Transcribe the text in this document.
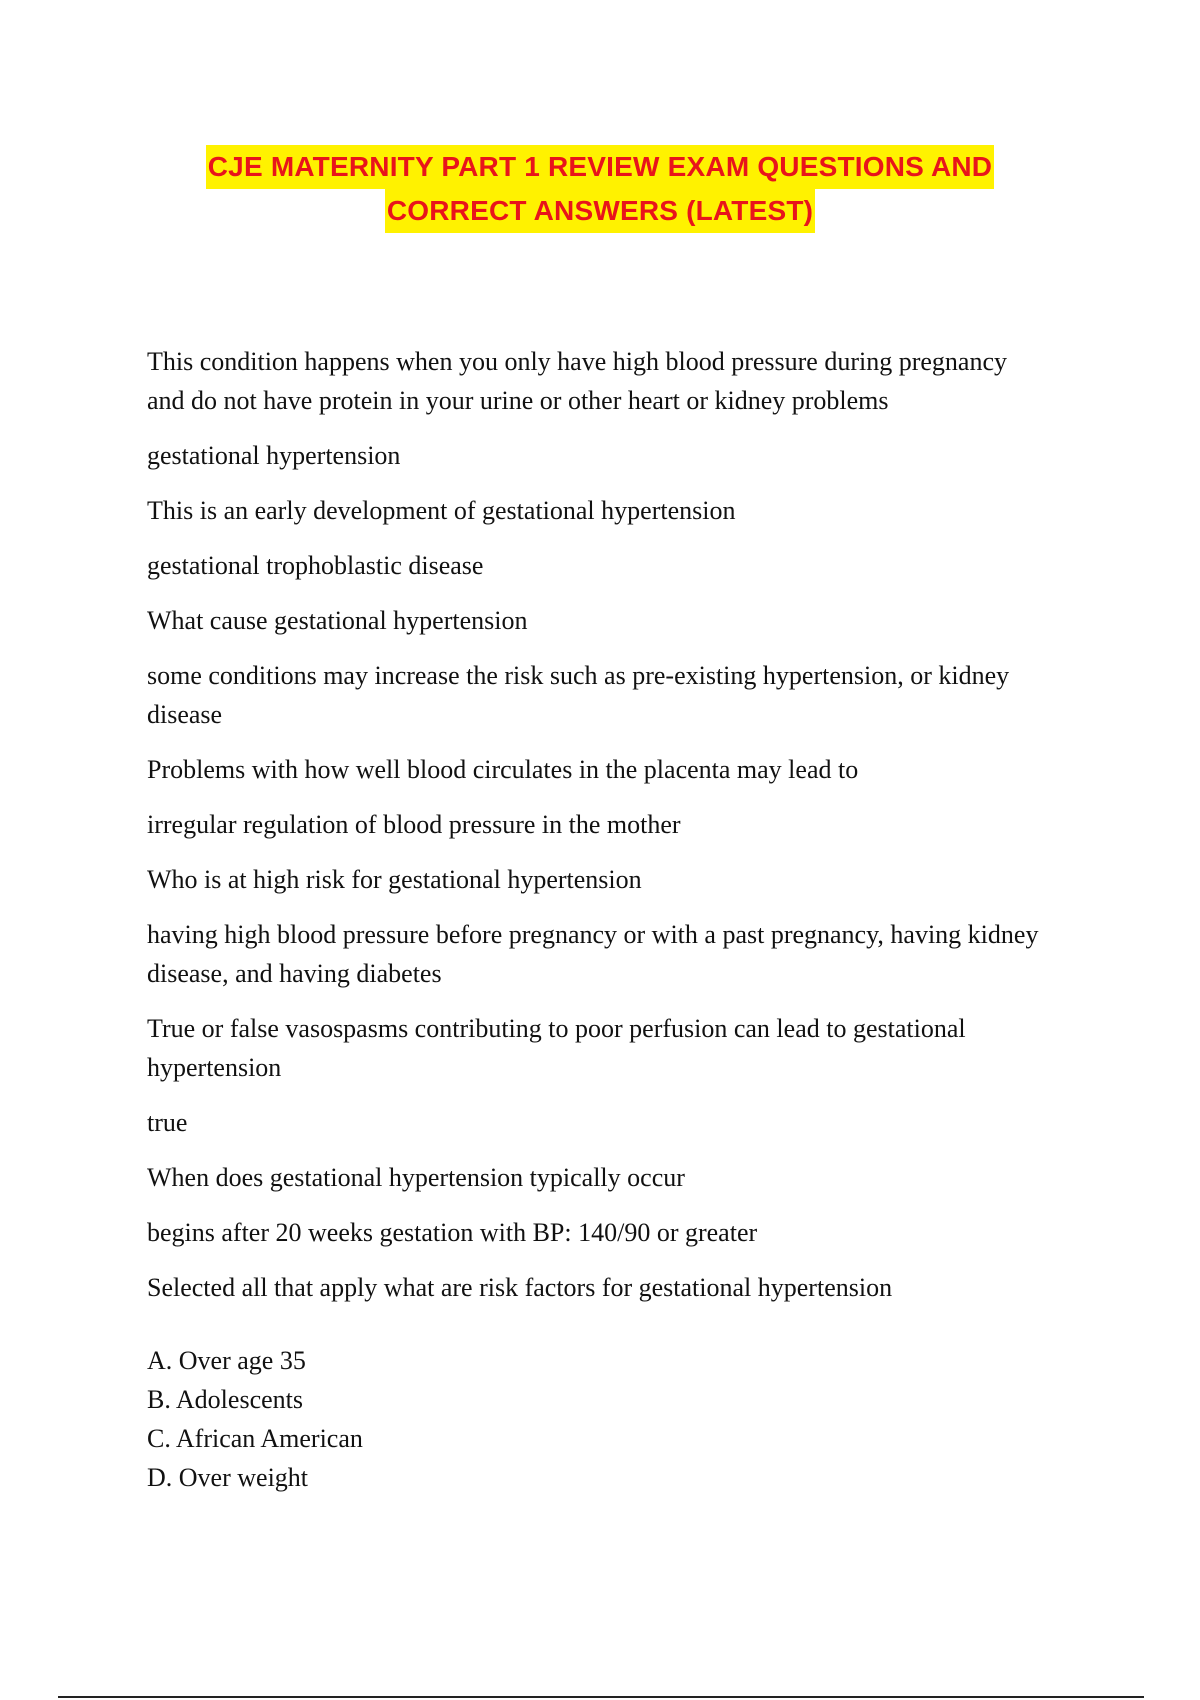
CJE MATERNITY PART 1 REVIEW EXAM QUESTIONS AND
CORRECT ANSWERS (LATEST)

This condition happens when you only have high blood pressure during pregnancy and do not have protein in your urine or other heart or kidney problems

gestational hypertension

This is an early development of gestational hypertension

gestational trophoblastic disease

What cause gestational hypertension

some conditions may increase the risk such as pre-existing hypertension, or kidney disease

Problems with how well blood circulates in the placenta may lead to

irregular regulation of blood pressure in the mother

Who is at high risk for gestational hypertension

having high blood pressure before pregnancy or with a past pregnancy, having kidney disease, and having diabetes

True or false vasospasms contributing to poor perfusion can lead to gestational hypertension

true

When does gestational hypertension typically occur

begins after 20 weeks gestation with BP: 140/90 or greater

Selected all that apply what are risk factors for gestational hypertension

A. Over age 35
B. Adolescents
C. African American
D. Over weight
